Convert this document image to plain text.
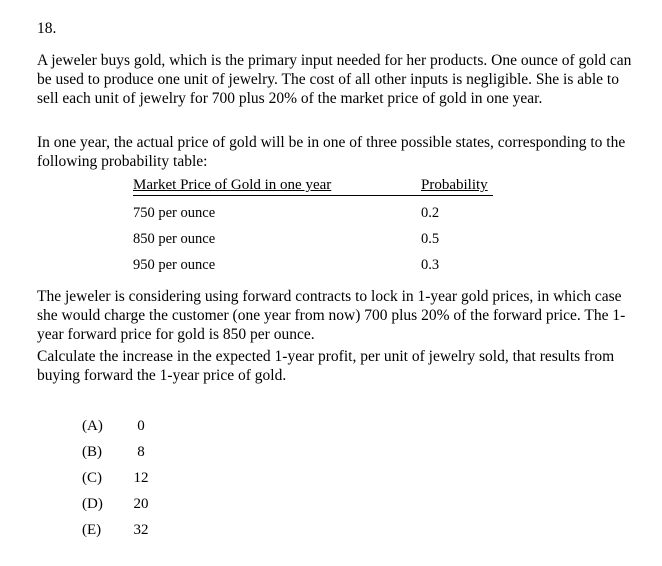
18.

A jeweler buys gold, which is the primary input needed for her products. One ounce of gold can be used to produce one unit of jewelry. The cost of all other inputs is negligible. She is able to sell each unit of jewelry for 700 plus 20% of the market price of gold in one year.

In one year, the actual price of gold will be in one of three possible states, corresponding to the following probability table:

Market Price of Gold in one year	Probability
750 per ounce	0.2
850 per ounce	0.5
950 per ounce	0.3

The jeweler is considering using forward contracts to lock in 1-year gold prices, in which case she would charge the customer (one year from now) 700 plus 20% of the forward price. The 1-year forward price for gold is 850 per ounce.

Calculate the increase in the expected 1-year profit, per unit of jewelry sold, that results from buying forward the 1-year price of gold.

(A)	0
(B)	8
(C)	12
(D)	20
(E)	32
